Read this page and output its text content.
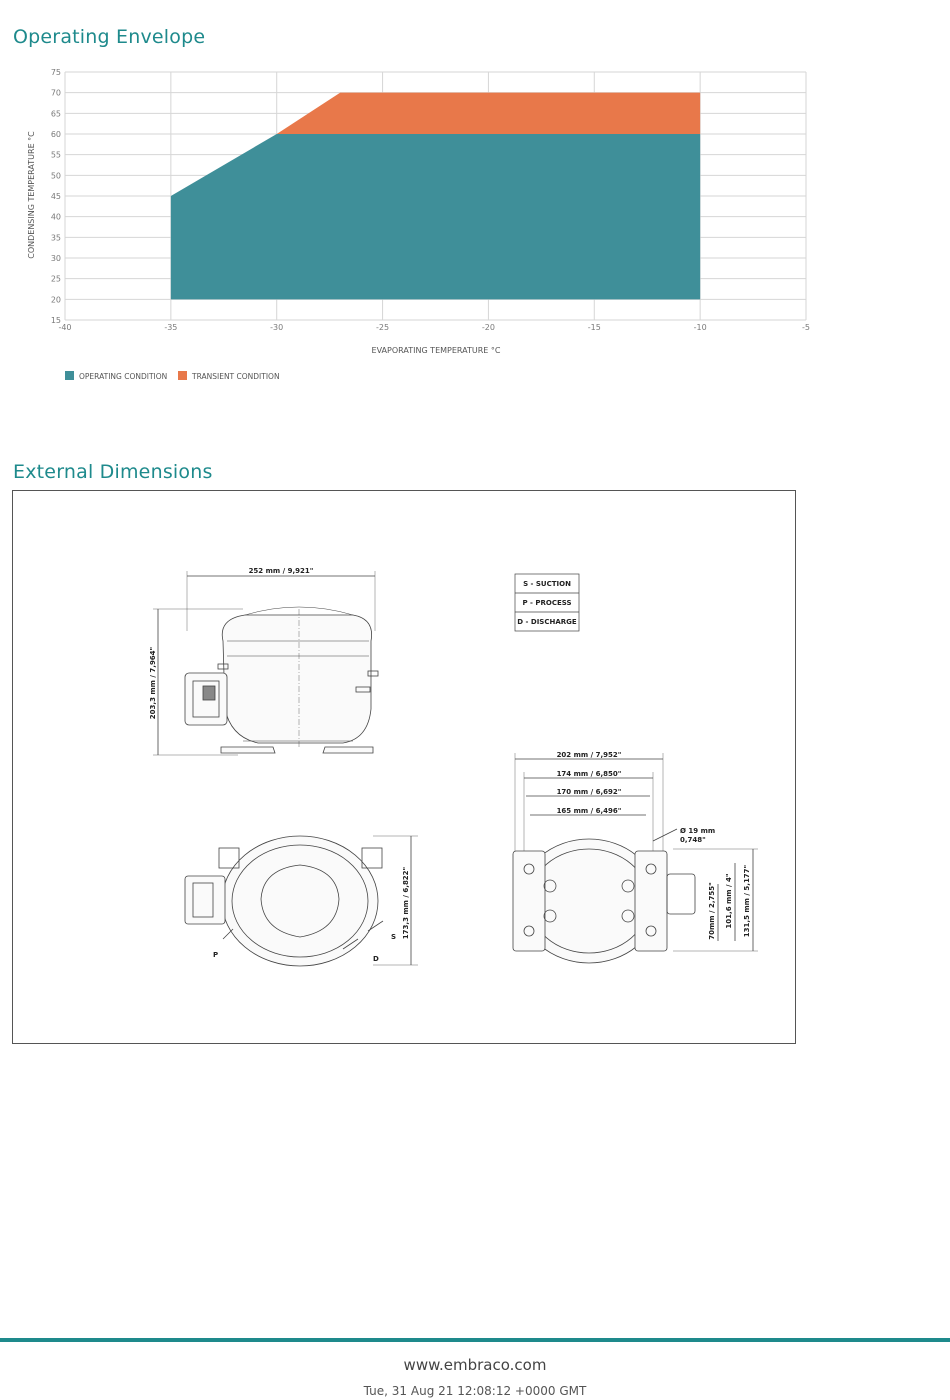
Operating Envelope
15
20
25
30
35
40
45
50
55
60
65
70
75
-40	-35	-30	-25	-20	-15	-10	-5
EVAPORATING TEMPERATURE °C
CONDENSING TEMPERATURE °C
OPERATING CONDITION	TRANSIENT CONDITION
External Dimensions
252 mm / 9,921"
203,3 mm / 7,964"
S - SUCTION
P - PROCESS
D - DISCHARGE
173,3 mm / 6,822"
S
P	D
202 mm / 7,952"
174 mm / 6,850"
170 mm / 6,692"
165 mm / 6,496"
Ø 19 mm
0,748"
70mm / 2,755" 101,6 mm / 4" 131,5 mm / 5,177"
www.embraco.com
Tue, 31 Aug 21 12:08:12 +0000 GMT
